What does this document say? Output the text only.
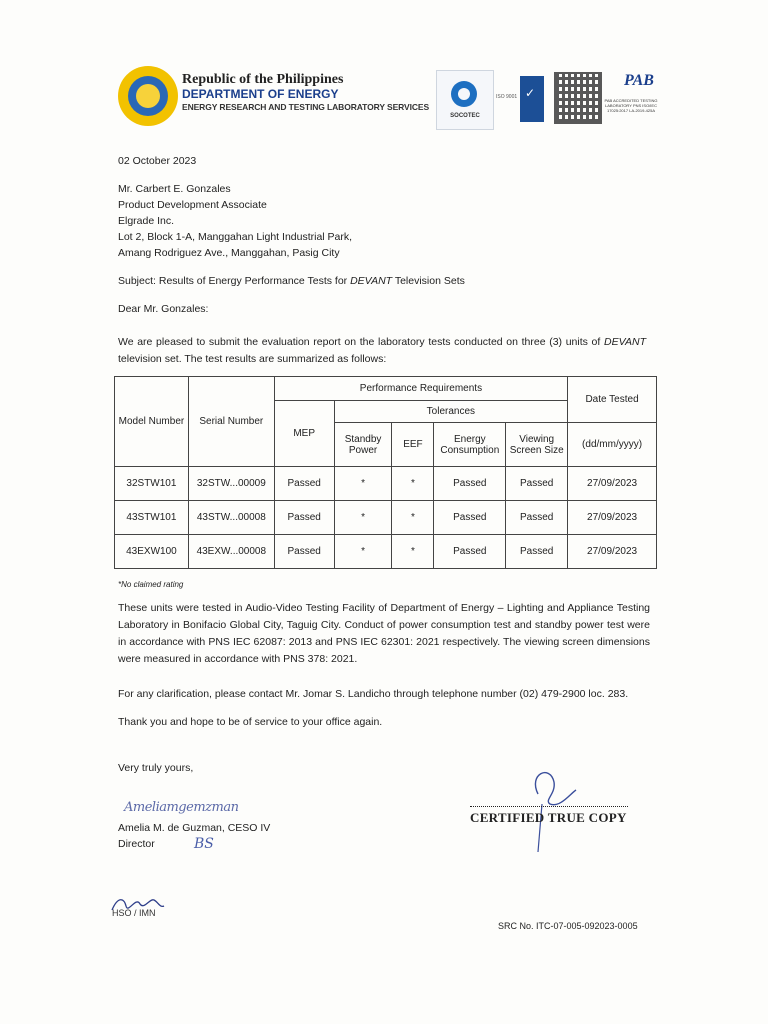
Republic of the Philippines
DEPARTMENT OF ENERGY
ENERGY RESEARCH AND TESTING LABORATORY SERVICES
SOCOTEC
ISO 9001
✓
PAB
PAB ACCREDITED TESTING LABORATORY PNS ISO/IEC 17025:2017 LA-2019-425A
02 October 2023
Mr. Carbert E. Gonzales
Product Development Associate
Elgrade Inc.
Lot 2, Block 1-A, Manggahan Light Industrial Park,
Amang Rodriguez Ave., Manggahan, Pasig City
Subject: Results of Energy Performance Tests for DEVANT Television Sets
Dear Mr. Gonzales:
We are pleased to submit the evaluation report on the laboratory tests conducted on three (3) units of DEVANT television set. The test results are summarized as follows:
Model Number	Serial Number	Performance Requirements					Date Tested
		MEP	Tolerances				
			Standby Power	EEF	Energy Consumption	Viewing Screen Size	(dd/mm/yyyy)
32STW101	32STW...00009	Passed	*	*	Passed	Passed	27/09/2023
43STW101	43STW...00008	Passed	*	*	Passed	Passed	27/09/2023
43EXW100	43EXW...00008	Passed	*	*	Passed	Passed	27/09/2023
*No claimed rating
These units were tested in Audio-Video Testing Facility of Department of Energy – Lighting and Appliance Testing Laboratory in Bonifacio Global City, Taguig City. Conduct of power consumption test and standby power test were in accordance with PNS IEC 62087: 2013 and PNS IEC 62301: 2021 respectively. The viewing screen dimensions were measured in accordance with PNS 378: 2021.
For any clarification, please contact Mr. Jomar S. Landicho through telephone number (02) 479-2900 loc. 283.
Thank you and hope to be of service to your office again.
Very truly yours,
Ameliamgemzman
Amelia M. de Guzman, CESO IV
Director	BS
CERTIFIED TRUE COPY
HSO / IMN
SRC No. ITC-07-005-092023-0005
